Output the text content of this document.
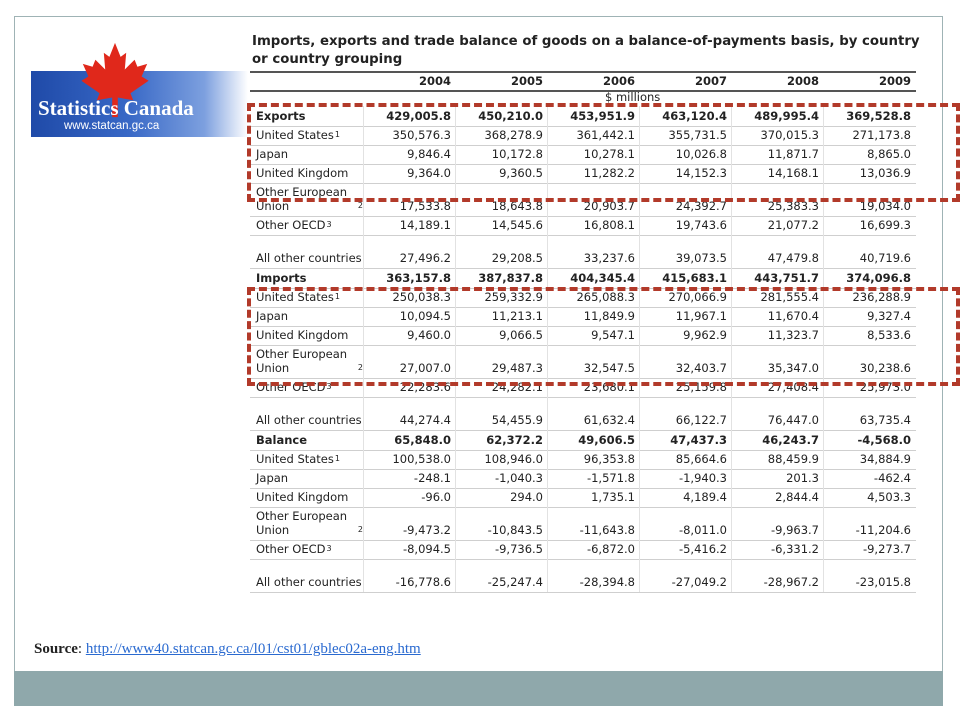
Statistics Canada
www.statcan.gc.ca
Imports, exports and trade balance of goods on a balance-of-payments basis, by country or country grouping
2004	2005	2006	2007	2008	2009
$ millions
Exports	429,005.8	450,210.0	453,951.9	463,120.4	489,995.4	369,528.8
United States 1	350,576.3	368,278.9	361,442.1	355,731.5	370,015.3	271,173.8
Japan	9,846.4	10,172.8	10,278.1	10,026.8	11,871.7	8,865.0
United Kingdom	9,364.0	9,360.5	11,282.2	14,152.3	14,168.1	13,036.9
Other European Union	$_2$	17,533.8	18,643.8	20,903.7	24,392.7	25,383.3	19,034.0
Other OECD 3	14,189.1	14,545.6	16,808.1	19,743.6	21,077.2	16,699.3
All other countries	27,496.2	29,208.5	33,237.6	39,073.5	47,479.8	40,719.6
Imports	363,157.8	387,837.8	404,345.4	415,683.1	443,751.7	374,096.8
United States 1	250,038.3	259,332.9	265,088.3	270,066.9	281,555.4	236,288.9
Japan	10,094.5	11,213.1	11,849.9	11,967.1	11,670.4	9,327.4
United Kingdom	9,460.0	9,066.5	9,547.1	9,962.9	11,323.7	8,533.6
Other European Union	$_2$	27,007.0	29,487.3	32,547.5	32,403.7	35,347.0	30,238.6
Other OECD 3	22,283.6	24,282.1	23,680.1	25,159.8	27,408.4	25,973.0
All other countries	44,274.4	54,455.9	61,632.4	66,122.7	76,447.0	63,735.4
Balance	65,848.0	62,372.2	49,606.5	47,437.3	46,243.7	-4,568.0
United States 1	100,538.0	108,946.0	96,353.8	85,664.6	88,459.9	34,884.9
Japan	-248.1	-1,040.3	-1,571.8	-1,940.3	201.3	-462.4
United Kingdom	-96.0	294.0	1,735.1	4,189.4	2,844.4	4,503.3
Other European Union	$_2$	-9,473.2	-10,843.5	-11,643.8	-8,011.0	-9,963.7	-11,204.6
Other OECD 3	-8,094.5	-9,736.5	-6,872.0	-5,416.2	-6,331.2	-9,273.7
All other countries	-16,778.6	-25,247.4	-28,394.8	-27,049.2	-28,967.2	-23,015.8
Source: http://www40.statcan.gc.ca/l01/cst01/gblec02a-eng.htm
